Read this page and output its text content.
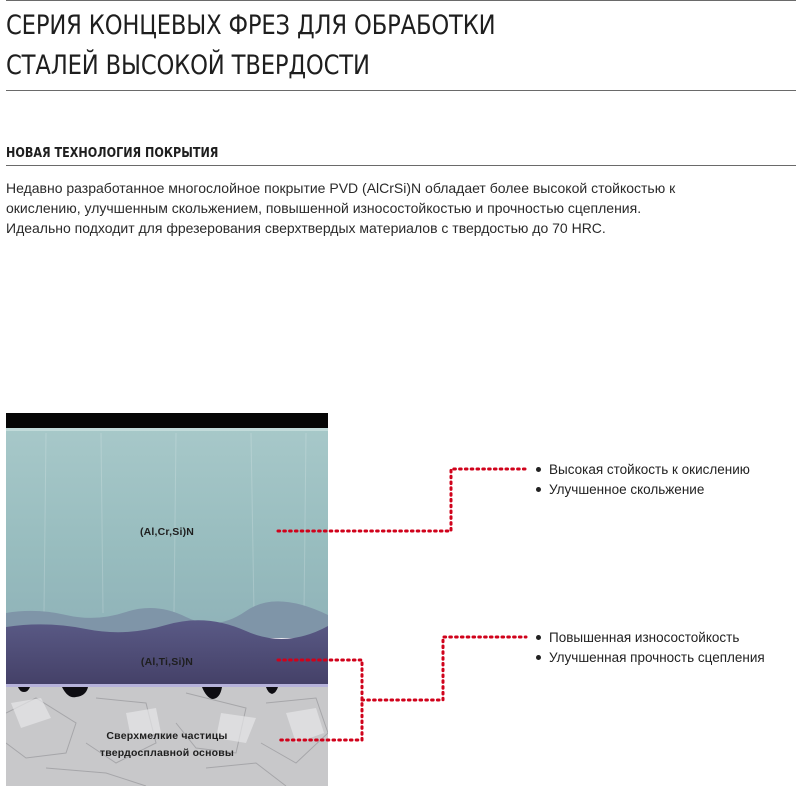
СЕРИЯ КОНЦЕВЫХ ФРЕЗ ДЛЯ ОБРАБОТКИ
СТАЛЕЙ ВЫСОКОЙ ТВЕРДОСТИ
НОВАЯ ТЕХНОЛОГИЯ ПОКРЫТИЯ

Недавно разработанное многослойное покрытие PVD (AlCrSi)N обладает более высокой стойкостью к
окислению, улучшенным скольжением, повышенной износостойкостью и прочностью сцепления.
Идеально подходит для фрезерования сверхтвердых материалов с твердостью до 70 HRC.

(Al,Cr,Si)N
(Al,Ti,Si)N
Сверхмелкие частицы
твердосплавной основы
Высокая стойкость к окислению
Улучшенное скольжение
Повышенная износостойкость
Улучшенная прочность сцепления
